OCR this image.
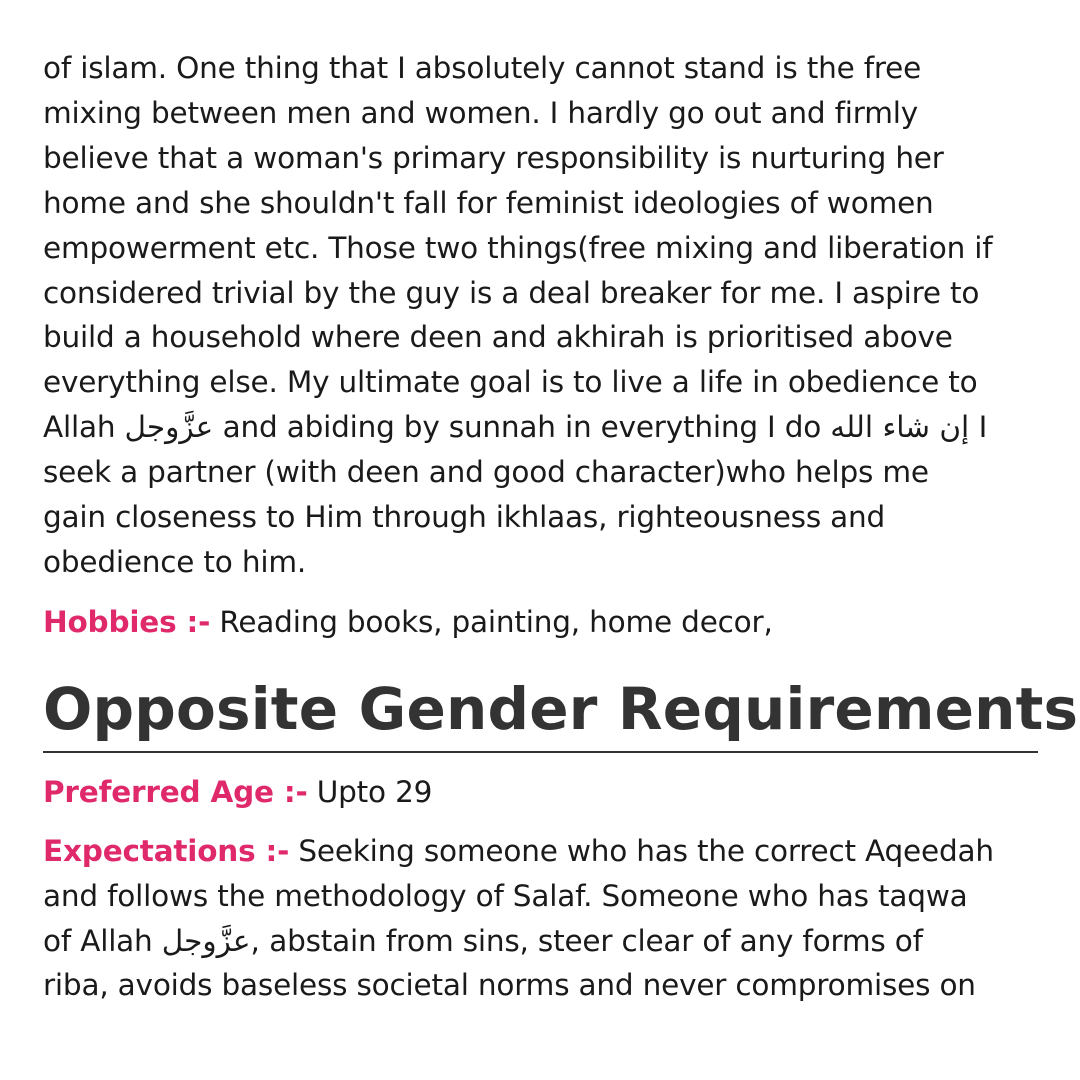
of islam. One thing that I absolutely cannot stand is the free
mixing between men and women. I hardly go out and firmly
believe that a woman's primary responsibility is nurturing her
home and she shouldn't fall for feminist ideologies of women
empowerment etc. Those two things(free mixing and liberation if
considered trivial by the guy is a deal breaker for me. I aspire to
build a household where deen and akhirah is prioritised above
everything else. My ultimate goal is to live a life in obedience to
Allah عزَّوجل and abiding by sunnah in everything I do إن شاء الله I
seek a partner (with deen and good character)who helps me
gain closeness to Him through ikhlaas, righteousness and
obedience to him.

Hobbies :- Reading books, painting, home decor,

Opposite Gender Requirements

Preferred Age :- Upto 29

Expectations :- Seeking someone who has the correct Aqeedah
and follows the methodology of Salaf. Someone who has taqwa
of Allah عزَّوجل, abstain from sins, steer clear of any forms of
riba, avoids baseless societal norms and never compromises on
